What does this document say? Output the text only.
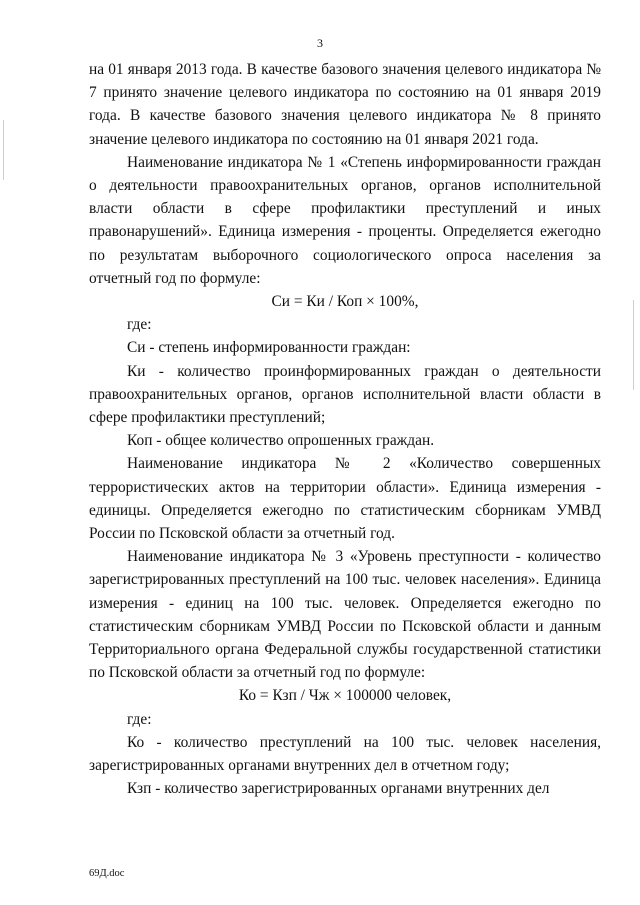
3

на 01 января 2013 года. В качестве базового значения целевого индикатора № 7 принято значение целевого индикатора по состоянию на 01 января 2019 года. В качестве базового значения целевого индикатора № 8 принято значение целевого индикатора по состоянию на 01 января 2021 года.

Наименование индикатора № 1 «Степень информированности граждан о деятельности правоохранительных органов, органов исполнительной власти области в сфере профилактики преступлений и иных правонарушений». Единица измерения - проценты. Определяется ежегодно по результатам выборочного социологического опроса населения за отчетный год по формуле:

Си = Ки / Коп × 100%,

где:

Си - степень информированности граждан:

Ки - количество проинформированных граждан о деятельности правоохранительных органов, органов исполнительной власти области в сфере профилактики преступлений;

Коп - общее количество опрошенных граждан.

Наименование индикатора № 2 «Количество совершенных террористических актов на территории области». Единица измерения - единицы. Определяется ежегодно по статистическим сборникам УМВД России по Псковской области за отчетный год.

Наименование индикатора № 3 «Уровень преступности - количество зарегистрированных преступлений на 100 тыс. человек населения». Единица измерения - единиц на 100 тыс. человек. Определяется ежегодно по статистическим сборникам УМВД России по Псковской области и данным Территориального органа Федеральной службы государственной статистики по Псковской области за отчетный год по формуле:

Ко = Кзп / Чж × 100000 человек,

где:

Ко - количество преступлений на 100 тыс. человек населения, зарегистрированных органами внутренних дел в отчетном году;

Кзп - количество зарегистрированных органами внутренних дел

69Д.doc
